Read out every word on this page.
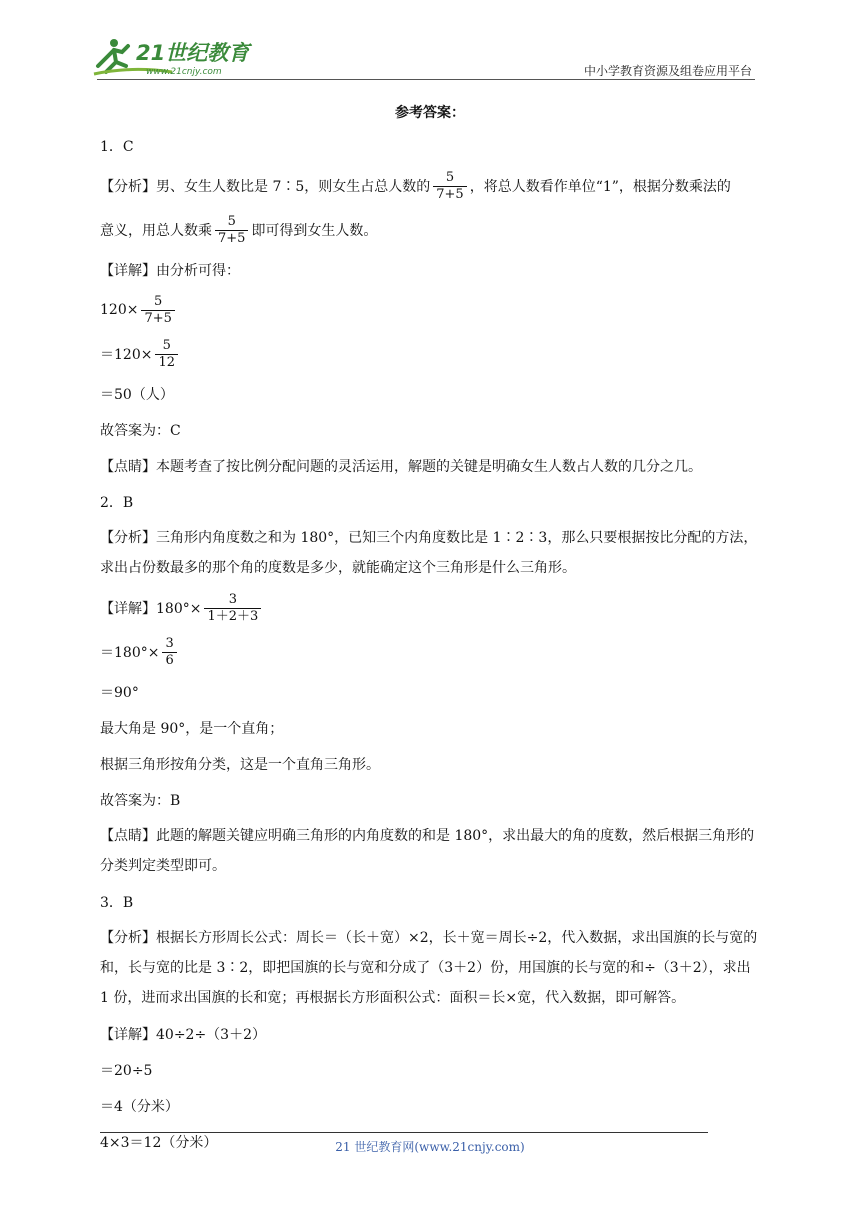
21世纪教育
www.21cnjy.com	中小学教育资源及组卷应用平台
参考答案：
1．C
【分析】男、女生人数比是 7∶5，则女生占总人数的 $\frac{5}{7+5}$ ，将总人数看作单位“1”，根据分数乘法的
意义，用总人数乘 $\frac{5}{7+5}$ 即可得到女生人数。
【详解】由分析可得：
$120\times \frac{5}{7+5}$
$=120\times \frac{5}{12}$
＝50（人）
故答案为：C
【点睛】本题考查了按比例分配问题的灵活运用，解题的关键是明确女生人数占人数的几分之几。
2．B
【分析】三角形内角度数之和为 180°，已知三个内角度数比是 1∶2∶3，那么只要根据按比分配的方法，求出占份数最多的那个角的度数是多少，就能确定这个三角形是什么三角形。
【详解】$180^\circ\times \frac{3}{1+2+3}$
$=180^\circ\times \frac{3}{6}$
＝90°
最大角是 90°，是一个直角；
根据三角形按角分类，这是一个直角三角形。
故答案为：B
【点睛】此题的解题关键应明确三角形的内角度数的和是 180°，求出最大的角的度数，然后根据三角形的分类判定类型即可。
3．B
【分析】根据长方形周长公式：周长＝（长＋宽）×2，长＋宽＝周长÷2，代入数据，求出国旗的长与宽的和，长与宽的比是 3∶2，即把国旗的长与宽和分成了（3＋2）份，用国旗的长与宽的和÷（3＋2），求出 1 份，进而求出国旗的长和宽；再根据长方形面积公式：面积＝长×宽，代入数据，即可解答。
【详解】40÷2÷（3＋2）
＝20÷5
＝4（分米）
4×3＝12（分米）	21 世纪教育网(www.21cnjy.com)
